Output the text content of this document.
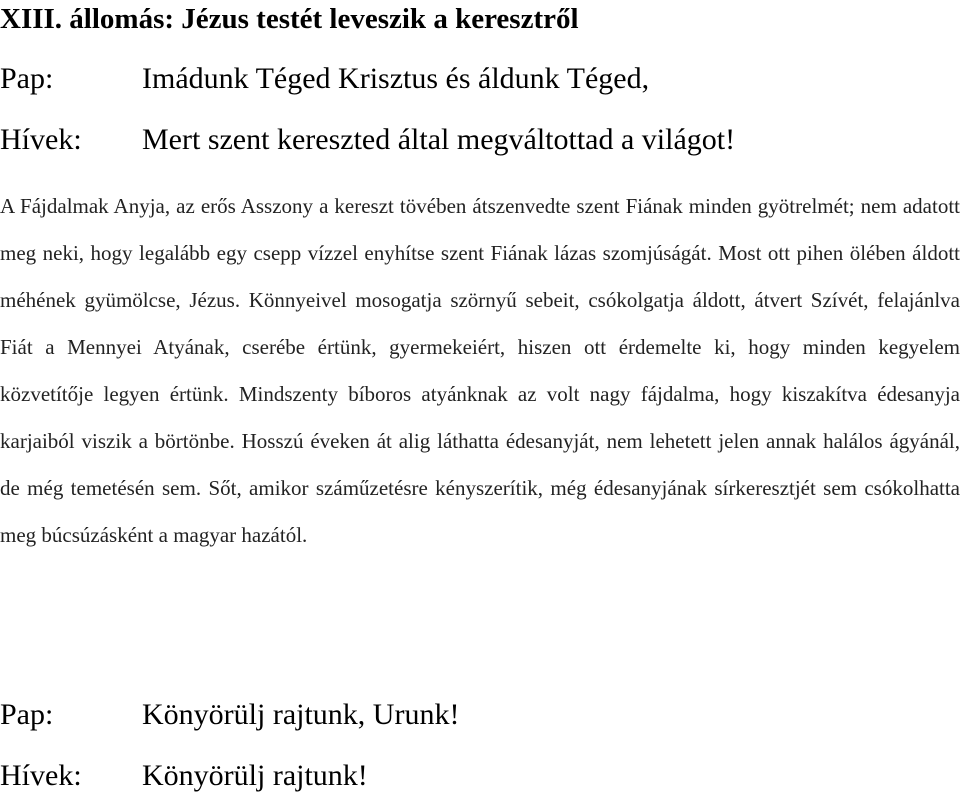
XIII. állomás: Jézus testét leveszik a keresztről
Pap:	Imádunk Téged Krisztus és áldunk Téged,
Hívek: Mert szent kereszted által megváltottad a világot!
A Fájdalmak Anyja, az erős Asszony a kereszt tövében átszenvedte szent Fiának minden gyötrelmét; nem adatott meg neki, hogy legalább egy csepp vízzel enyhítse szent Fiának lázas szomjúságát. Most ott pihen ölében áldott méhének gyümölcse, Jézus. Könnyeivel mosogatja szörnyű sebeit, csókolgatja áldott, átvert Szívét, felajánlva Fiát a Mennyei Atyának, cserébe értünk, gyermekeiért, hiszen ott érdemelte ki, hogy minden kegyelem közvetítője legyen értünk. Mindszenty bíboros atyánknak az volt nagy fájdalma, hogy kiszakítva édesanyja karjaiból viszik a börtönbe. Hosszú éveken át alig láthatta édesanyját, nem lehetett jelen annak halálos ágyánál, de még temetésén sem. Sőt, amikor száműzetésre kényszerítik, még édesanyjának sírkeresztjét sem csókolhatta meg búcsúzásként a magyar hazától.
Pap:	Könyörülj rajtunk, Urunk!
Hívek: Könyörülj rajtunk!
